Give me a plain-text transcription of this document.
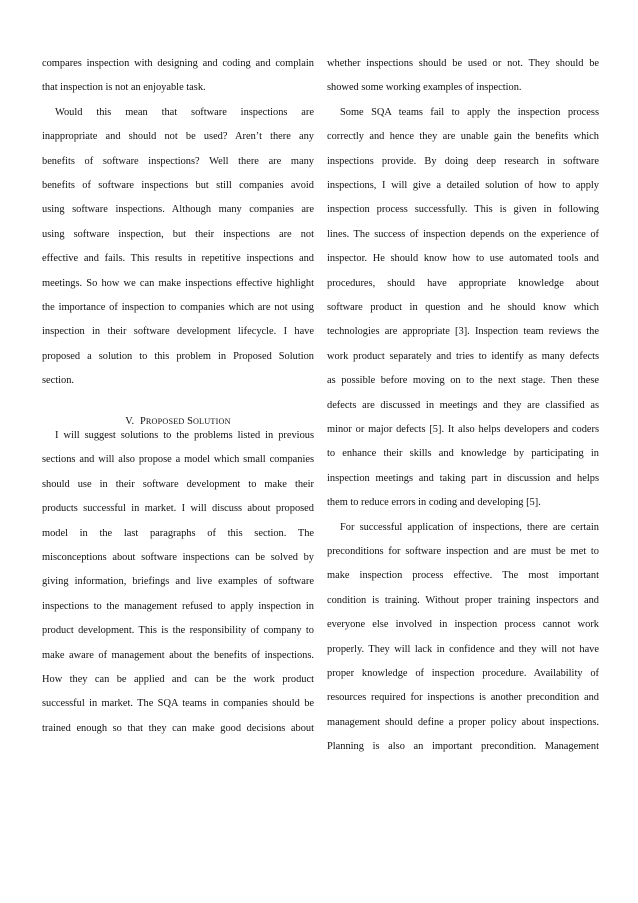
compares inspection with designing and coding and complain
that inspection is not an enjoyable task.
Would this mean that software inspections are
inappropriate and should not be used? Aren’t there any
benefits of software inspections? Well there are many
benefits of software inspections but still companies avoid
using software inspections. Although many companies are
using software inspection, but their inspections are not
effective and fails. This results in repetitive inspections and
meetings. So how we can make inspections effective highlight
the importance of inspection to companies which are not using
inspection in their software development lifecycle. I have
proposed a solution to this problem in Proposed Solution
section.
V. PROPOSED SOLUTION
I will suggest solutions to the problems listed in previous
sections and will also propose a model which small companies
should use in their software development to make their
products successful in market. I will discuss about proposed
model in the last paragraphs of this section. The
misconceptions about software inspections can be solved by
giving information, briefings and live examples of software
inspections to the management refused to apply inspection in
product development. This is the responsibility of company to
make aware of management about the benefits of inspections.
How they can be applied and can be the work product
successful in market. The SQA teams in companies should be
trained enough so that they can make good decisions about
whether inspections should be used or not. They should be
showed some working examples of inspection.
Some SQA teams fail to apply the inspection process
correctly and hence they are unable gain the benefits which
inspections provide. By doing deep research in software
inspections, I will give a detailed solution of how to apply
inspection process successfully. This is given in following
lines. The success of inspection depends on the experience of
inspector. He should know how to use automated tools and
procedures, should have appropriate knowledge about
software product in question and he should know which
technologies are appropriate [3]. Inspection team reviews the
work product separately and tries to identify as many defects
as possible before moving on to the next stage. Then these
defects are discussed in meetings and they are classified as
minor or major defects [5]. It also helps developers and coders
to enhance their skills and knowledge by participating in
inspection meetings and taking part in discussion and helps
them to reduce errors in coding and developing [5].
For successful application of inspections, there are certain
preconditions for software inspection and are must be met to
make inspection process effective. The most important
condition is training. Without proper training inspectors and
everyone else involved in inspection process cannot work
properly. They will lack in confidence and they will not have
proper knowledge of inspection procedure. Availability of
resources required for inspections is another precondition and
management should define a proper policy about inspections.
Planning is also an important precondition. Management
